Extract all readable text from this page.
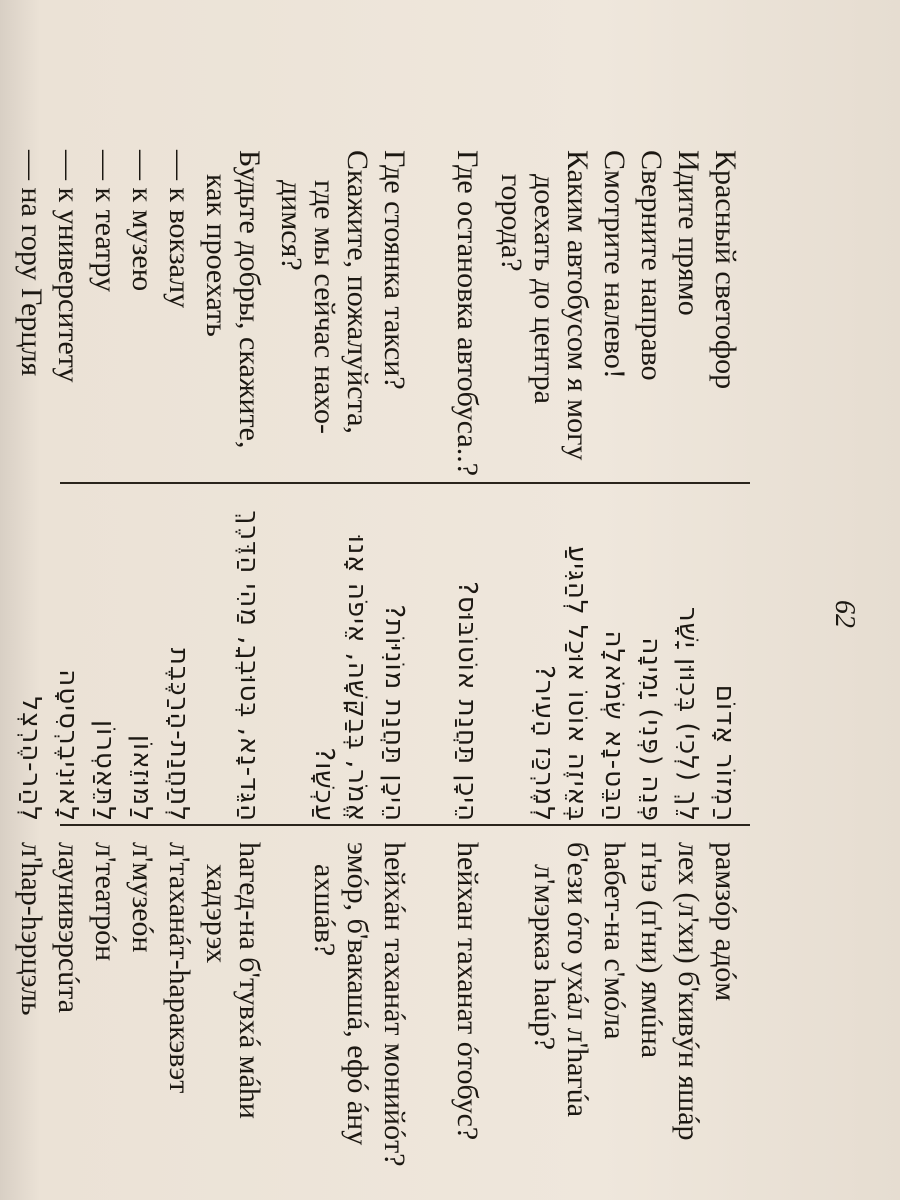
Красный светофор
Идите прямо
Сверните направо
Смотрите налево!
Каким автобусом я могу
доехать до центра
города?
Где остановка автобуса..?
Где стоянка такси?
Скажите, пожалуйста,
где мы сейчас нахо-
димся?
Будьте добры, скажите,
как проехать
— к вокзалу
— к музею
— к театру
— к университету
— на гору Герцля
רַמְזוֹר אָדוֹם
לֵךְ (לְכִי) בְּכִוּוּן יָשָׁר
פְּנֵה (פְּנִי) יָמִינָה
הַבֵּט-נָא שְׂמֹאלָה
בְּאֵיזֶה אוֹטוֹ אוּכַל לְהַגִּיעַ
לְמֶרְכַּז הָעִיר?
הֵיכָן תַּחֲנַת אוֹטוֹבּוּס?
הֵיכָן תַּחֲנַת מוֹנִיּוֹת?
אֱמֹר, בְּבַקָּשָׁה, אֵיפֹה אָנוּ
עַכְשָׁו?
הַגֵּד-נָא, בְּטוּבְךָ, מַהִי הַדֶּרֶךְ
לְתַחֲנַת-הָרַכֶּבֶת
לַמּוּזֵאוֹן
לַתֵּאַטְרוֹן
לָאוּנִיבֶרְסִיטָה
לְהַר-הֶרְצְל
рамзóр адóм
лех (л'хи) б'кивýн яшáр
п'нэ (п'ни) ямúна
hабет-на с'мóла
б'ези óто ухáл л'hагúа
л'мэрказ hаúр?
hейхан таханат óтобус?
hейхáн таханáт монийóт?
эмóр, б'вакашá, ефó áну
ахшáв?
hагед-на б'тувхá мáhи
хадэрэх
л'таханáт-hаракэвэт
л'музеóн
л'театрóн
лаунивэрсúта
л'hар-hэрцэль
62
